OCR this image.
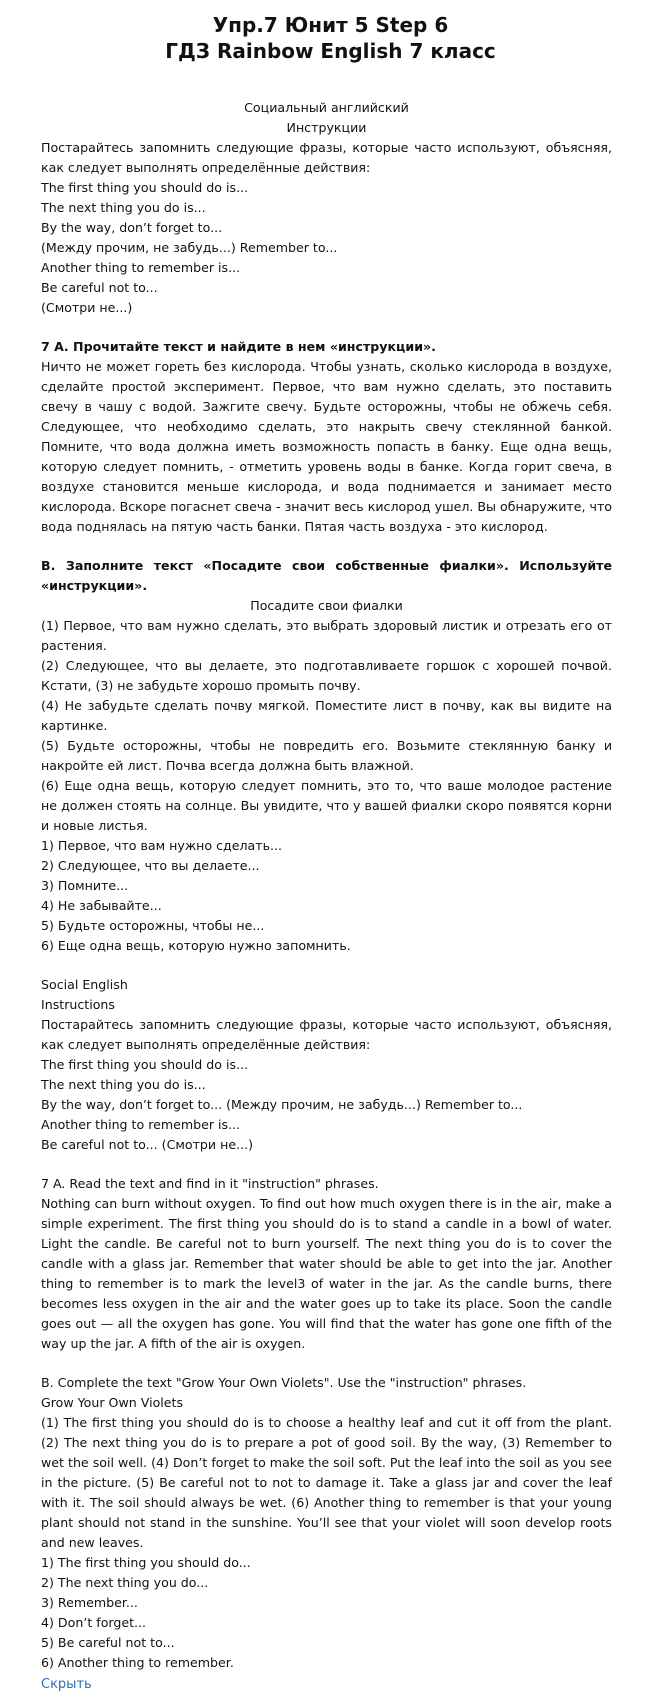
Упр.7 Юнит 5 Step 6
ГДЗ Rainbow English 7 класс

Социальный английский

Инструкции

Постарайтесь запомнить следующие фразы, которые часто используют, объясняя, как следует выполнять определённые действия:

The first thing you should do is...

The next thing you do is...

By the way, don’t forget to...

(Между прочим, не забудь...) Remember to...

Another thing to remember is...

Be careful not to...

(Смотри не...)

7 А. Прочитайте текст и найдите в нем «инструкции».

Ничто не может гореть без кислорода. Чтобы узнать, сколько кислорода в воздухе, сделайте простой эксперимент. Первое, что вам нужно сделать, это поставить свечу в чашу с водой. Зажгите свечу. Будьте осторожны, чтобы не обжечь себя. Следующее, что необходимо сделать, это накрыть свечу стеклянной банкой. Помните, что вода должна иметь возможность попасть в банку. Еще одна вещь, которую следует помнить, - отметить уровень воды в банке. Когда горит свеча, в воздухе становится меньше кислорода, и вода поднимается и занимает место кислорода. Вскоре погаснет свеча - значит весь кислород ушел. Вы обнаружите, что вода поднялась на пятую часть банки. Пятая часть воздуха - это кислород.

В. Заполните текст «Посадите свои собственные фиалки». Используйте «инструкции».

Посадите свои фиалки

(1) Первое, что вам нужно сделать, это выбрать здоровый листик и отрезать его от растения.

(2) Следующее, что вы делаете, это подготавливаете горшок с хорошей почвой. Кстати, (3) не забудьте хорошо промыть почву.

(4) Не забудьте сделать почву мягкой. Поместите лист в почву, как вы видите на картинке.

(5) Будьте осторожны, чтобы не повредить его. Возьмите стеклянную банку и накройте ей лист. Почва всегда должна быть влажной.

(6) Еще одна вещь, которую следует помнить, это то, что ваше молодое растение не должен стоять на солнце. Вы увидите, что у вашей фиалки скоро появятся корни и новые листья.

1) Первое, что вам нужно сделать...

2) Следующее, что вы делаете...

3) Помните...

4) Не забывайте...

5) Будьте осторожны, чтобы не...

6) Еще одна вещь, которую нужно запомнить.

Social English

Instructions

Постарайтесь запомнить следующие фразы, которые часто используют, объясняя, как следует выполнять определённые действия:

The first thing you should do is...

The next thing you do is...

By the way, don’t forget to... (Между прочим, не забудь...) Remember to...

Another thing to remember is...

Be careful not to... (Смотри не...)

7 A. Read the text and find in it "instruction" phrases.

Nothing can burn without oxygen. To find out how much oxygen there is in the air, make a simple experiment. The first thing you should do is to stand a candle in a bowl of water. Light the candle. Be careful not to burn yourself. The next thing you do is to cover the candle with a glass jar. Remember that water should be able to get into the jar. Another thing to remember is to mark the level3 of water in the jar. As the candle burns, there becomes less oxygen in the air and the water goes up to take its place. Soon the candle goes out — all the oxygen has gone. You will find that the water has gone one fifth of the way up the jar. A fifth of the air is oxygen.

B. Complete the text "Grow Your Own Violets". Use the "instruction" phrases.

Grow Your Own Violets

(1) The first thing you should do is to choose a healthy leaf and cut it off from the plant. (2) The next thing you do is to prepare a pot of good soil. By the way, (3) Remember to wet the soil well. (4) Don’t forget to make the soil soft. Put the leaf into the soil as you see in the picture. (5) Be careful not to not to damage it. Take a glass jar and cover the leaf with it. The soil should always be wet. (6) Another thing to remember is that your young plant should not stand in the sunshine. You’ll see that your violet will soon develop roots and new leaves.

1) The first thing you should do...

2) The next thing you do...

3) Remember...

4) Don’t forget...

5) Be careful not to...

6) Another thing to remember.

Скрыть
